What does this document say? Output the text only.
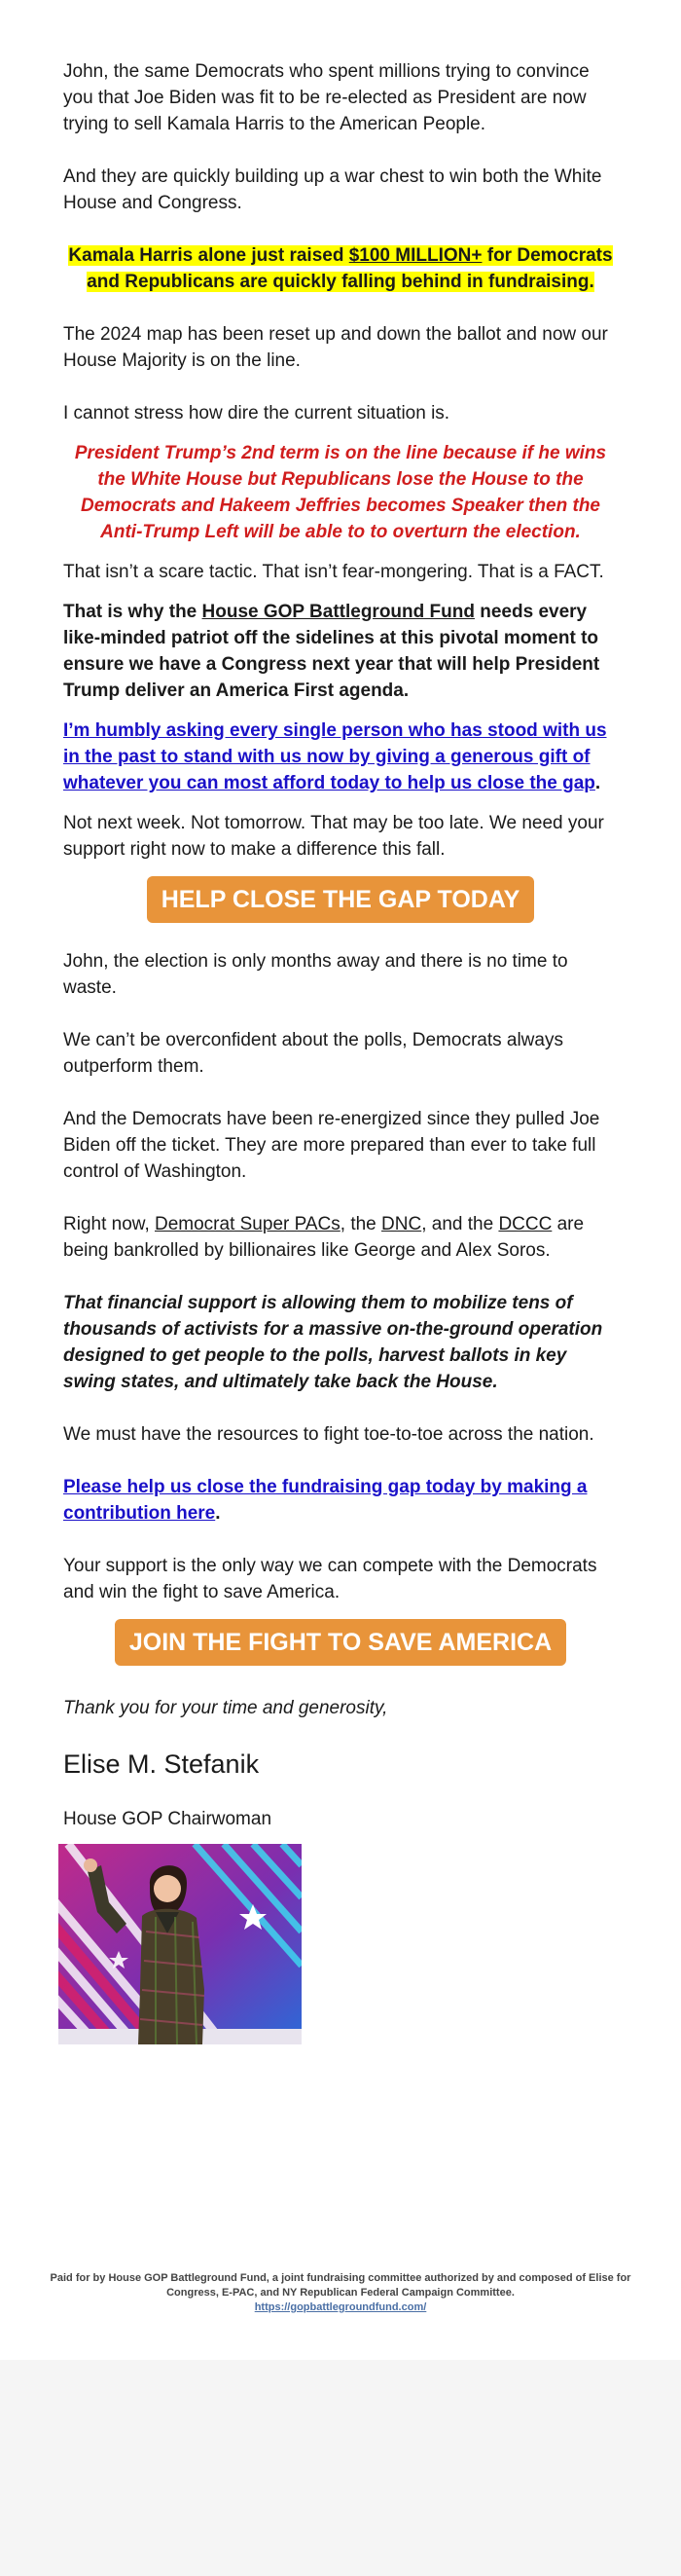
John, the same Democrats who spent millions trying to convince you that Joe Biden was fit to be re-elected as President are now trying to sell Kamala Harris to the American People.

And they are quickly building up a war chest to win both the White House and Congress.

Kamala Harris alone just raised $100 MILLION+ for Democrats and Republicans are quickly falling behind in fundraising.

The 2024 map has been reset up and down the ballot and now our House Majority is on the line.

I cannot stress how dire the current situation is.

President Trump’s 2nd term is on the line because if he wins the White House but Republicans lose the House to the Democrats and Hakeem Jeffries becomes Speaker then the Anti-Trump Left will be able to to overturn the election.

That isn’t a scare tactic. That isn’t fear-mongering. That is a FACT.

That is why the House GOP Battleground Fund needs every like-minded patriot off the sidelines at this pivotal moment to ensure we have a Congress next year that will help President Trump deliver an America First agenda.

I’m humbly asking every single person who has stood with us in the past to stand with us now by giving a generous gift of whatever you can most afford today to help us close the gap.

Not next week. Not tomorrow. That may be too late. We need your support right now to make a difference this fall.

HELP CLOSE THE GAP TODAY

John, the election is only months away and there is no time to waste.

We can’t be overconfident about the polls, Democrats always outperform them.

And the Democrats have been re-energized since they pulled Joe Biden off the ticket. They are more prepared than ever to take full control of Washington.

Right now, Democrat Super PACs, the DNC, and the DCCC are being bankrolled by billionaires like George and Alex Soros.

That financial support is allowing them to mobilize tens of thousands of activists for a massive on-the-ground operation designed to get people to the polls, harvest ballots in key swing states, and ultimately take back the House.

We must have the resources to fight toe-to-toe across the nation.

Please help us close the fundraising gap today by making a contribution here.

Your support is the only way we can compete with the Democrats and win the fight to save America.

JOIN THE FIGHT TO SAVE AMERICA

Thank you for your time and generosity,

Elise M. Stefanik

House GOP Chairwoman

Paid for by House GOP Battleground Fund, a joint fundraising committee authorized by and composed of Elise for Congress, E-PAC, and NY Republican Federal Campaign Committee.
https://gopbattlegroundfund.com/
